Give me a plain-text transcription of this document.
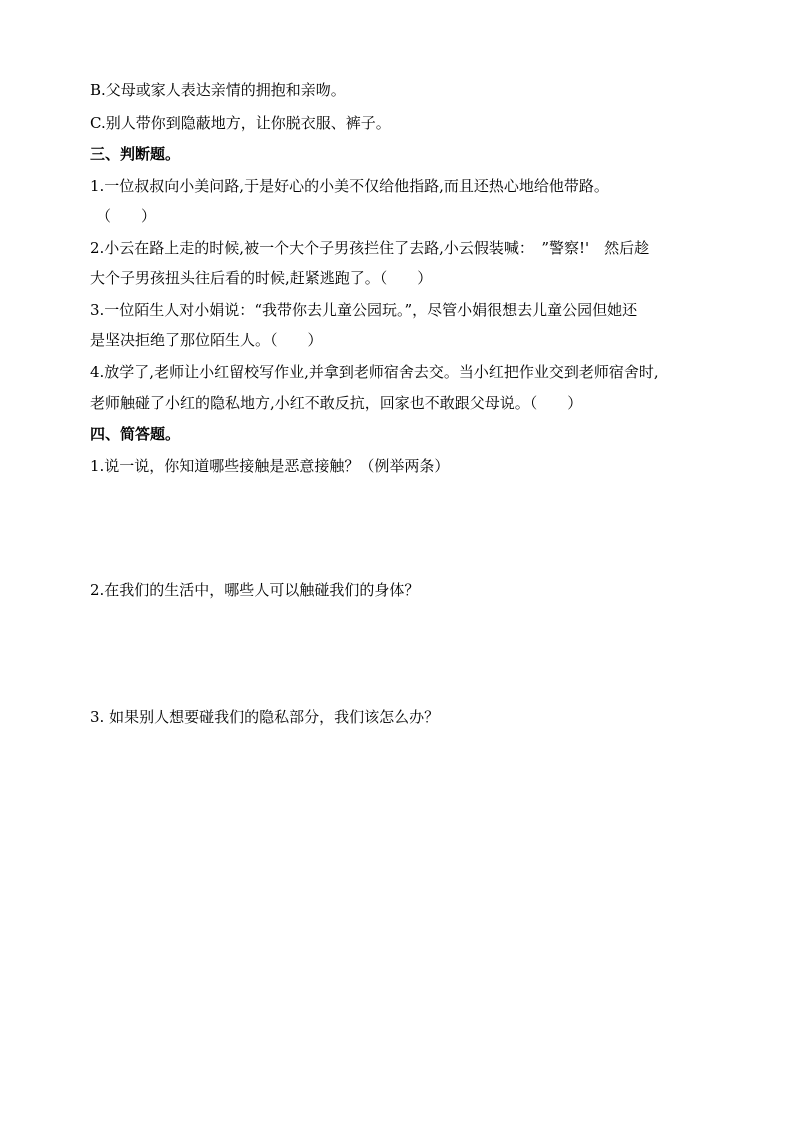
B.父母或家人表达亲情的拥抱和亲吻。
C.别人带你到隐蔽地方，让你脱衣服、裤子。
三、判断题。
1.一位叔叔向小美问路,于是好心的小美不仅给他指路,而且还热心地给他带路。
（　　）
2.小云在路上走的时候,被一个大个子男孩拦住了去路,小云假装喊：　”警察!'　然后趁
大个子男孩扭头往后看的时候,赶紧逃跑了。（　　）
3.一位陌生人对小娟说：“我带你去儿童公园玩。”，尽管小娟很想去儿童公园但她还
是坚决拒绝了那位陌生人。（　　）
4.放学了,老师让小红留校写作业,并拿到老师宿舍去交。当小红把作业交到老师宿舍时,
老师触碰了小红的隐私地方,小红不敢反抗，回家也不敢跟父母说。（　　）
四、简答题。
1.说一说，你知道哪些接触是恶意接触？（例举两条）
2.在我们的生活中，哪些人可以触碰我们的身体？
3. 如果别人想要碰我们的隐私部分，我们该怎么办？
